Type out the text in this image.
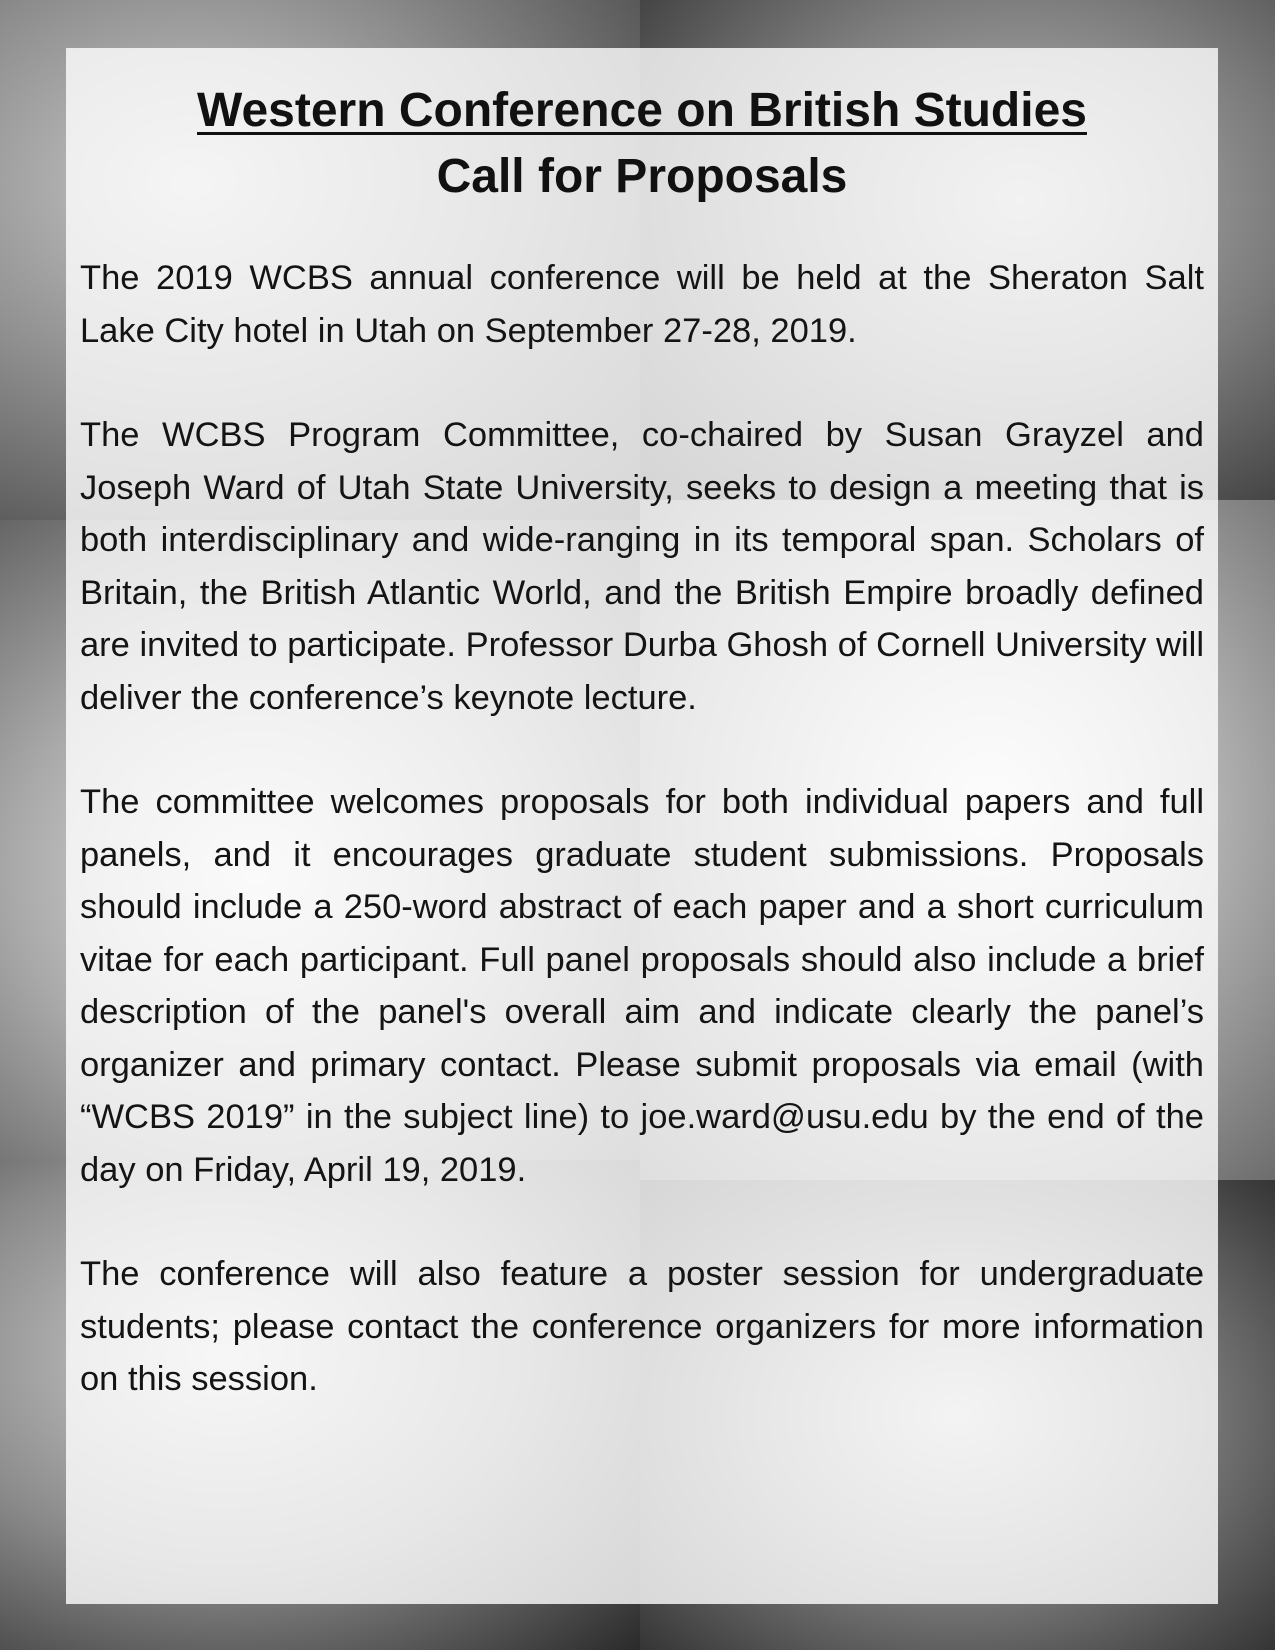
Western Conference on British Studies
Call for Proposals

The 2019 WCBS annual conference will be held at the Sheraton Salt Lake City hotel in Utah on September 27-28, 2019.

The WCBS Program Committee, co-chaired by Susan Grayzel and Joseph Ward of Utah State University, seeks to design a meeting that is both interdisciplinary and wide-ranging in its temporal span. Scholars of Britain, the British Atlantic World, and the British Empire broadly defined are invited to participate. Professor Durba Ghosh of Cornell University will deliver the conference’s keynote lecture.

The committee welcomes proposals for both individual papers and full panels, and it encourages graduate student submissions. Proposals should include a 250-word abstract of each paper and a short curriculum vitae for each participant. Full panel proposals should also include a brief description of the panel's overall aim and indicate clearly the panel’s organizer and primary contact. Please submit proposals via email (with “WCBS 2019” in the subject line) to joe.ward@usu.edu by the end of the day on Friday, April 19, 2019.

The conference will also feature a poster session for undergraduate students; please contact the conference organizers for more information on this session.
